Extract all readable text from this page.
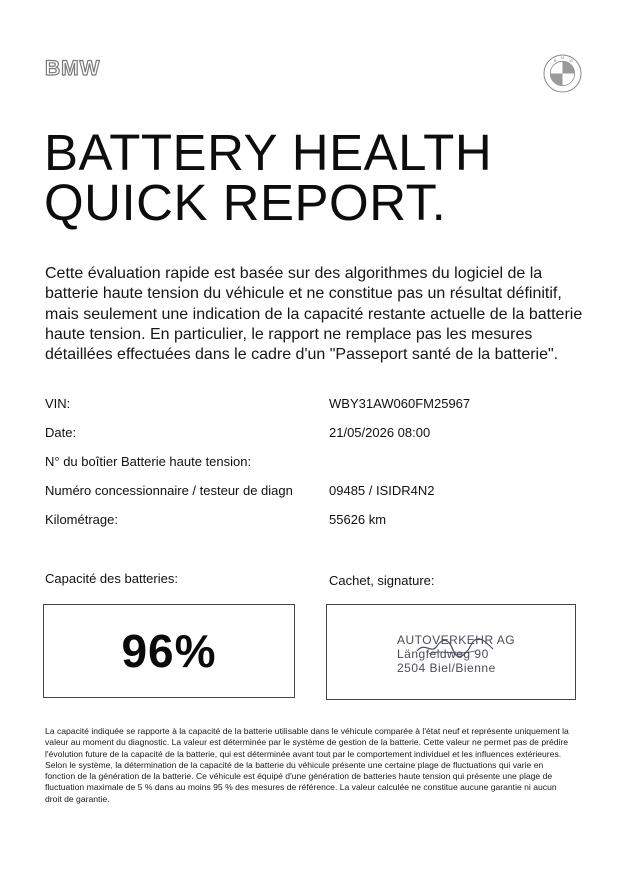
BMW	B
M
W
BATTERY HEALTH
QUICK REPORT.

Cette évaluation rapide est basée sur des algorithmes du logiciel de la batterie haute tension du véhicule et ne constitue pas un résultat définitif, mais seulement une indication de la capacité restante actuelle de la batterie haute tension. En particulier, le rapport ne remplace pas les mesures détaillées effectuées dans le cadre d'un "Passeport santé de la batterie".

VIN:	WBY31AW060FM25967
Date:	21/05/2026 08:00
N° du boîtier Batterie haute tension:
Numéro concessionnaire / testeur de diagn	09485 / ISIDR4N2
Kilométrage:	55626 km
Capacité des batteries:	Cachet, signature:
96%	AUTOVERKEHR AG
Längfeldweg 90
2504 Biel/Bienne

La capacité indiquée se rapporte à la capacité de la batterie utilisable dans le véhicule comparée à l'état neuf et représente uniquement la valeur au moment du diagnostic. La valeur est déterminée par le système de gestion de la batterie. Cette valeur ne permet pas de prédire l'évolution future de la capacité de la batterie, qui est déterminée avant tout par le comportement individuel et les influences extérieures. Selon le système, la détermination de la capacité de la batterie du véhicule présente une certaine plage de fluctuations qui varie en fonction de la génération de la batterie. Ce véhicule est équipé d'une génération de batteries haute tension qui présente une plage de fluctuation maximale de 5 % dans au moins 95 % des mesures de référence. La valeur calculée ne constitue aucune garantie ni aucun droit de garantie.
